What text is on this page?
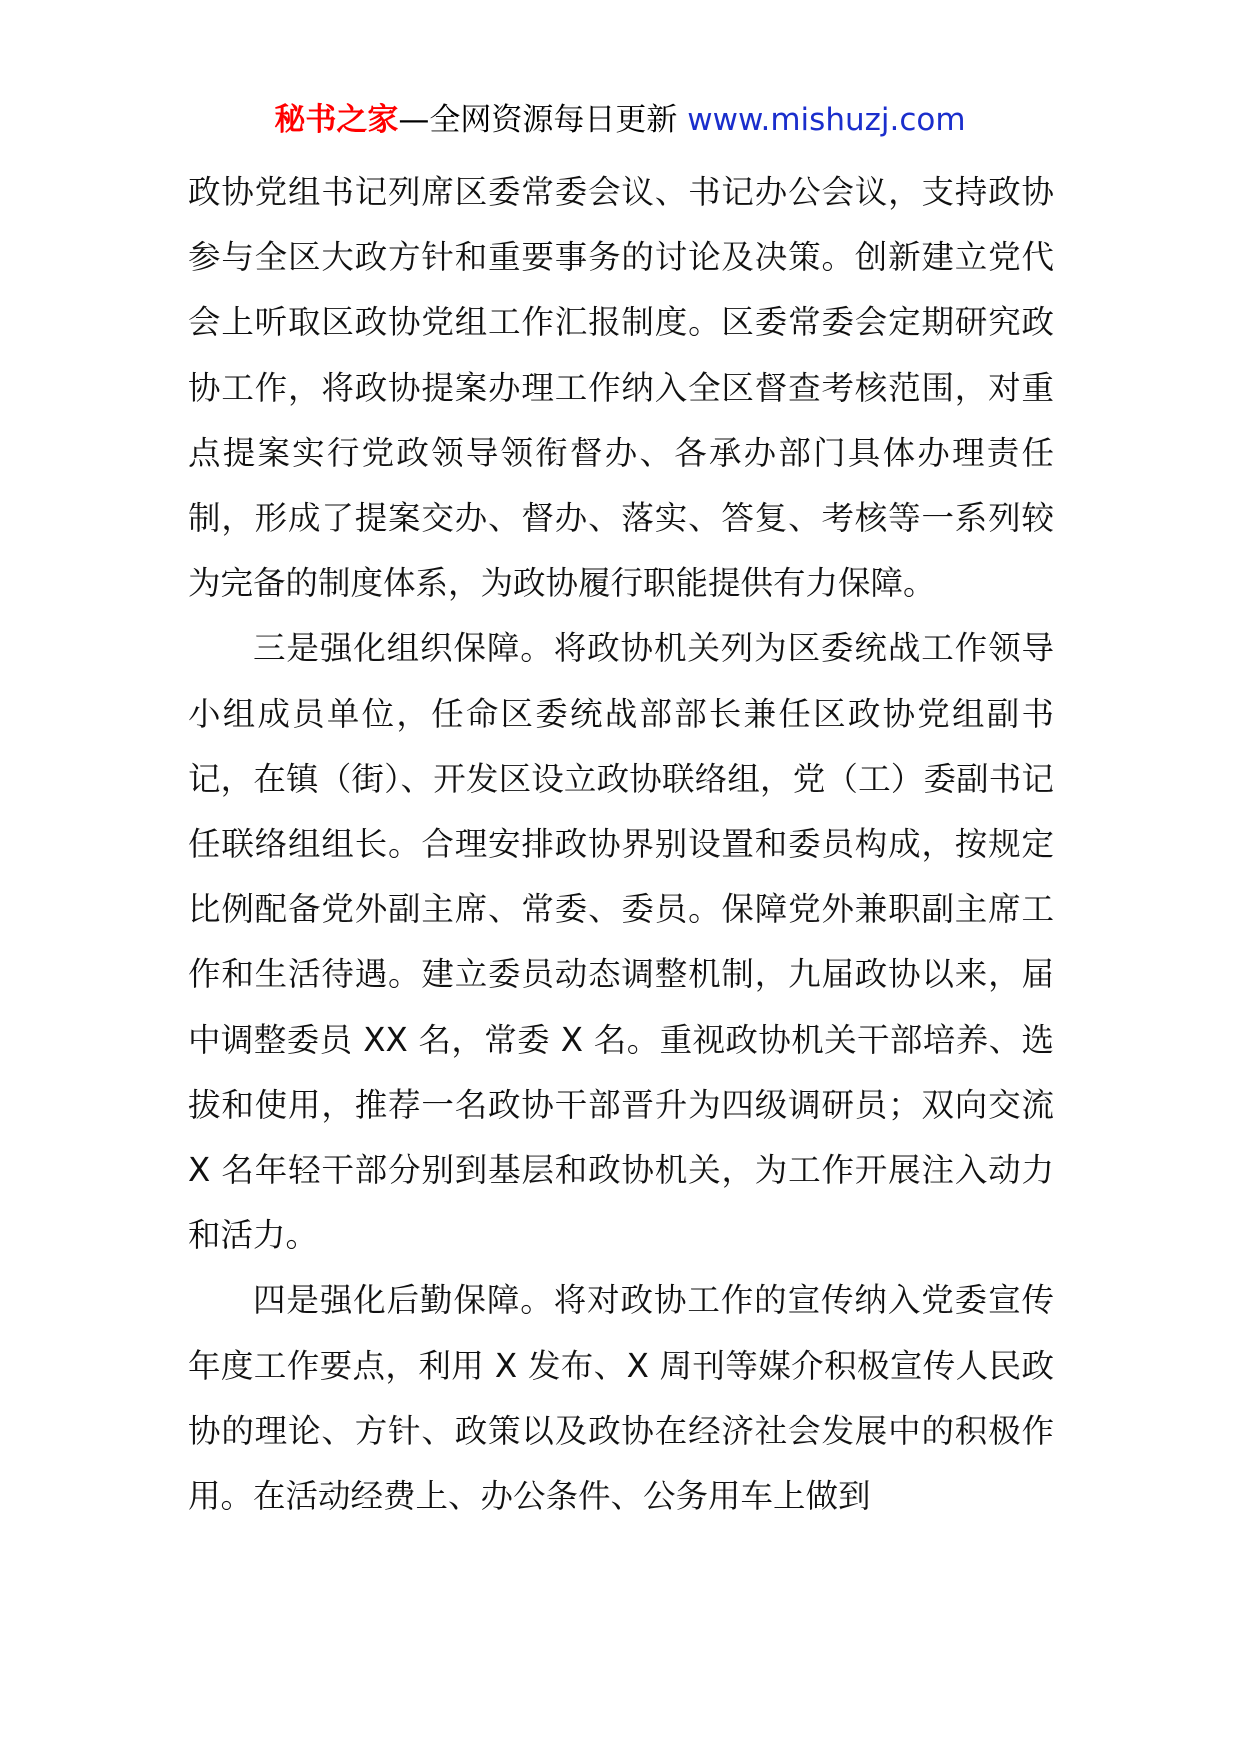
秘书之家—全网资源每日更新 www.mishuzj.com

政协党组书记列席区委常委会议、书记办公会议，支持政协参与全区大政方针和重要事务的讨论及决策。创新建立党代会上听取区政协党组工作汇报制度。区委常委会定期研究政协工作，将政协提案办理工作纳入全区督查考核范围，对重点提案实行党政领导领衔督办、各承办部门具体办理责任制，形成了提案交办、督办、落实、答复、考核等一系列较为完备的制度体系，为政协履行职能提供有力保障。

三是强化组织保障。将政协机关列为区委统战工作领导小组成员单位，任命区委统战部部长兼任区政协党组副书记，在镇（街）、开发区设立政协联络组，党（工）委副书记任联络组组长。合理安排政协界别设置和委员构成，按规定比例配备党外副主席、常委、委员。保障党外兼职副主席工作和生活待遇。建立委员动态调整机制，九届政协以来，届中调整委员 XX 名，常委 X 名。重视政协机关干部培养、选拔和使用，推荐一名政协干部晋升为四级调研员；双向交流 X 名年轻干部分别到基层和政协机关，为工作开展注入动力和活力。

四是强化后勤保障。将对政协工作的宣传纳入党委宣传年度工作要点，利用 X 发布、X 周刊等媒介积极宣传人民政协的理论、方针、政策以及政协在经济社会发展中的积极作用。在活动经费上、办公条件、公务用车上做到
